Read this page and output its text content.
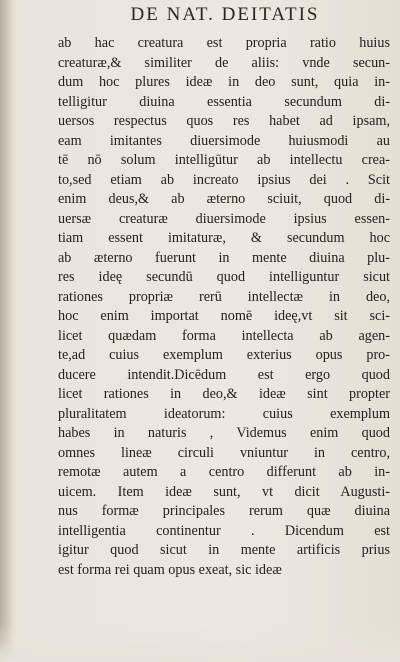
DE NAT. DEITATIS
ab hac creatura est propria ratio huius
creaturæ,& similiter de aliis: vnde secun-
dum hoc plures ideæ in deo sunt, quia in-
telligitur diuina essentia secundum di-
uersos respectus quos res habet ad ipsam,
eam imitantes diuersimode huiusmodi au
tē nō solum intelligūtur ab intellectu crea-
to,sed etiam ab increato ipsius dei . Scit
enim deus,& ab æterno sciuit, quod di-
uersæ creaturæ diuersimode ipsius essen-
tiam essent imitaturæ, & secundum hoc
ab æterno fuerunt in mente diuina plu-
res ideę secundū quod intelliguntur sicut
rationes propriæ rerū intellectæ in deo,
hoc enim importat nomē ideę,vt sit sci-
licet quædam forma intellecta ab agen-
te,ad cuius exemplum exterius opus pro-
ducere intendit.Dicēdum est ergo quod
licet rationes in deo,& ideæ sint propter
pluralitatem ideatorum: cuius exemplum
habes in naturis , Videmus enim quod
omnes lineæ circuli vniuntur in centro,
remotæ autem a centro differunt ab in-
uicem. Item ideæ sunt, vt dicit Augusti-
nus formæ principales rerum quæ diuina
intelligentia continentur . Dicendum est
igitur quod sicut in mente artificis prius
est forma rei quam opus exeat, sic ideæ
